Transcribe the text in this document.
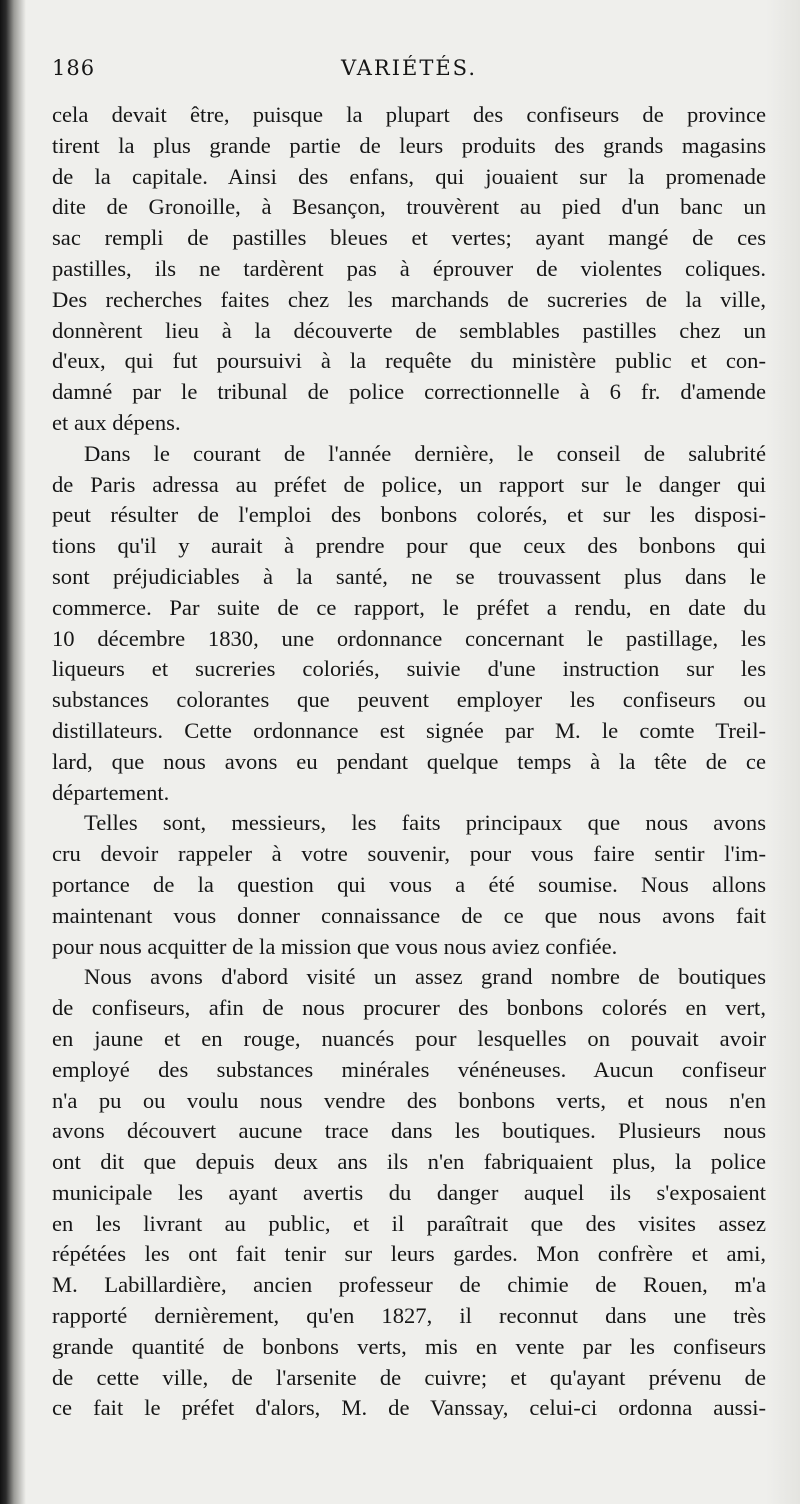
186	VARIÉTÉS.
cela devait être, puisque la plupart des confiseurs de province
tirent la plus grande partie de leurs produits des grands magasins
de la capitale. Ainsi des enfans, qui jouaient sur la promenade
dite de Gronoille, à Besançon, trouvèrent au pied d'un banc un
sac rempli de pastilles bleues et vertes; ayant mangé de ces
pastilles, ils ne tardèrent pas à éprouver de violentes coliques.
Des recherches faites chez les marchands de sucreries de la ville,
donnèrent lieu à la découverte de semblables pastilles chez un
d'eux, qui fut poursuivi à la requête du ministère public et con-
damné par le tribunal de police correctionnelle à 6 fr. d'amende
et aux dépens.
Dans le courant de l'année dernière, le conseil de salubrité
de Paris adressa au préfet de police, un rapport sur le danger qui
peut résulter de l'emploi des bonbons colorés, et sur les disposi-
tions qu'il y aurait à prendre pour que ceux des bonbons qui
sont préjudiciables à la santé, ne se trouvassent plus dans le
commerce. Par suite de ce rapport, le préfet a rendu, en date du
10 décembre 1830, une ordonnance concernant le pastillage, les
liqueurs et sucreries coloriés, suivie d'une instruction sur les
substances colorantes que peuvent employer les confiseurs ou
distillateurs. Cette ordonnance est signée par M. le comte Treil-
lard, que nous avons eu pendant quelque temps à la tête de ce
département.
Telles sont, messieurs, les faits principaux que nous avons
cru devoir rappeler à votre souvenir, pour vous faire sentir l'im-
portance de la question qui vous a été soumise. Nous allons
maintenant vous donner connaissance de ce que nous avons fait
pour nous acquitter de la mission que vous nous aviez confiée.
Nous avons d'abord visité un assez grand nombre de boutiques
de confiseurs, afin de nous procurer des bonbons colorés en vert,
en jaune et en rouge, nuancés pour lesquelles on pouvait avoir
employé des substances minérales vénéneuses. Aucun confiseur
n'a pu ou voulu nous vendre des bonbons verts, et nous n'en
avons découvert aucune trace dans les boutiques. Plusieurs nous
ont dit que depuis deux ans ils n'en fabriquaient plus, la police
municipale les ayant avertis du danger auquel ils s'exposaient
en les livrant au public, et il paraîtrait que des visites assez
répétées les ont fait tenir sur leurs gardes. Mon confrère et ami,
M. Labillardière, ancien professeur de chimie de Rouen, m'a
rapporté dernièrement, qu'en 1827, il reconnut dans une très
grande quantité de bonbons verts, mis en vente par les confiseurs
de cette ville, de l'arsenite de cuivre; et qu'ayant prévenu de
ce fait le préfet d'alors, M. de Vanssay, celui-ci ordonna aussi-
